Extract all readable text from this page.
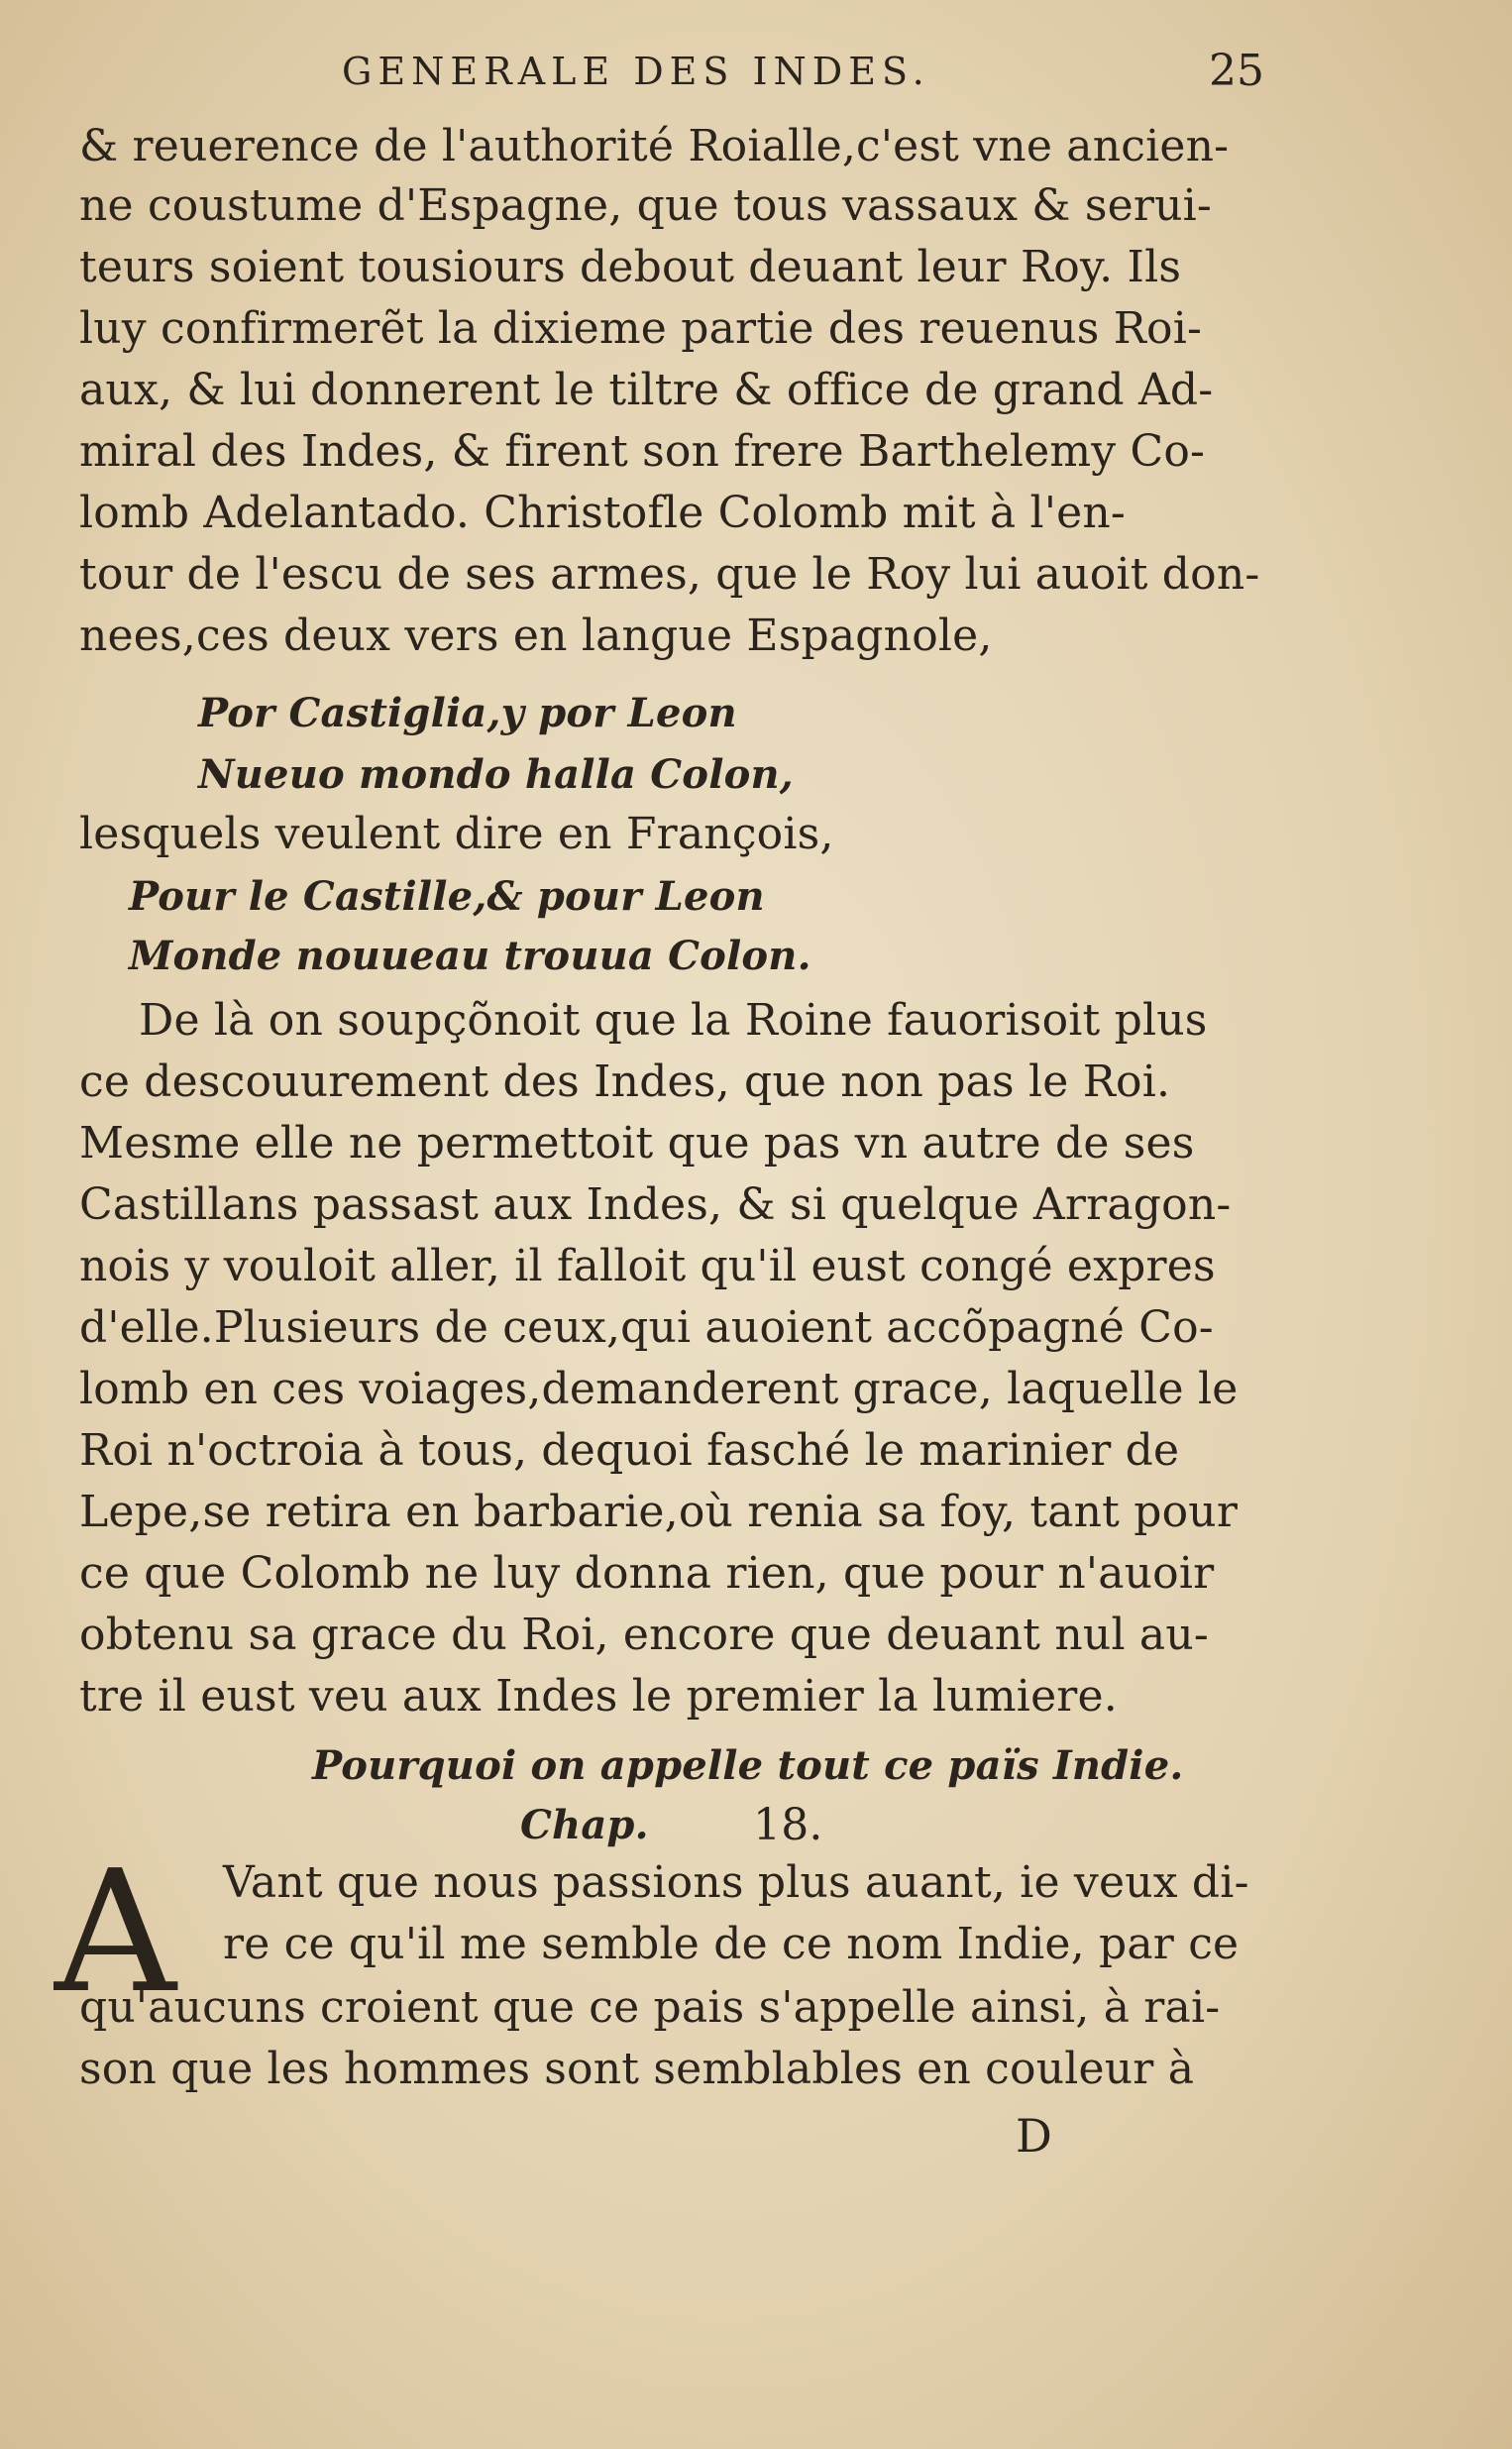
GENERALE DES INDES.	25
& reuerence de l'authorité Roialle,c'est vne ancien-
ne coustume d'Espagne, que tous vassaux & serui-
teurs soient tousiours debout deuant leur Roy. Ils
luy confirmerẽt la dixieme partie des reuenus Roi-
aux, & lui donnerent le tiltre & office de grand Ad-
miral des Indes, & firent son frere Barthelemy Co-
lomb Adelantado. Christofle Colomb mit à l'en-
tour de l'escu de ses armes, que le Roy lui auoit don-
nees,ces deux vers en langue Espagnole,
Por Castiglia,y por Leon
Nueuo mondo halla Colon,
lesquels veulent dire en François,
Pour le Castille,& pour Leon
Monde nouueau trouua Colon.
De là on soupçõnoit que la Roine fauorisoit plus
ce descouurement des Indes, que non pas le Roi.
Mesme elle ne permettoit que pas vn autre de ses
Castillans passast aux Indes, & si quelque Arragon-
nois y vouloit aller, il falloit qu'il eust congé expres
d'elle.Plusieurs de ceux,qui auoient accõpagné Co-
lomb en ces voiages,demanderent grace, laquelle le
Roi n'octroia à tous, dequoi fasché le marinier de
Lepe,se retira en barbarie,où renia sa foy, tant pour
ce que Colomb ne luy donna rien, que pour n'auoir
obtenu sa grace du Roi, encore que deuant nul au-
tre il eust veu aux Indes le premier la lumiere.
Pourquoi on appelle tout ce païs Indie.
Chap. 18.
A Vant que nous passions plus auant, ie veux di-
re ce qu'il me semble de ce nom Indie, par ce
qu'aucuns croient que ce pais s'appelle ainsi, à rai-
son que les hommes sont semblables en couleur à
D
